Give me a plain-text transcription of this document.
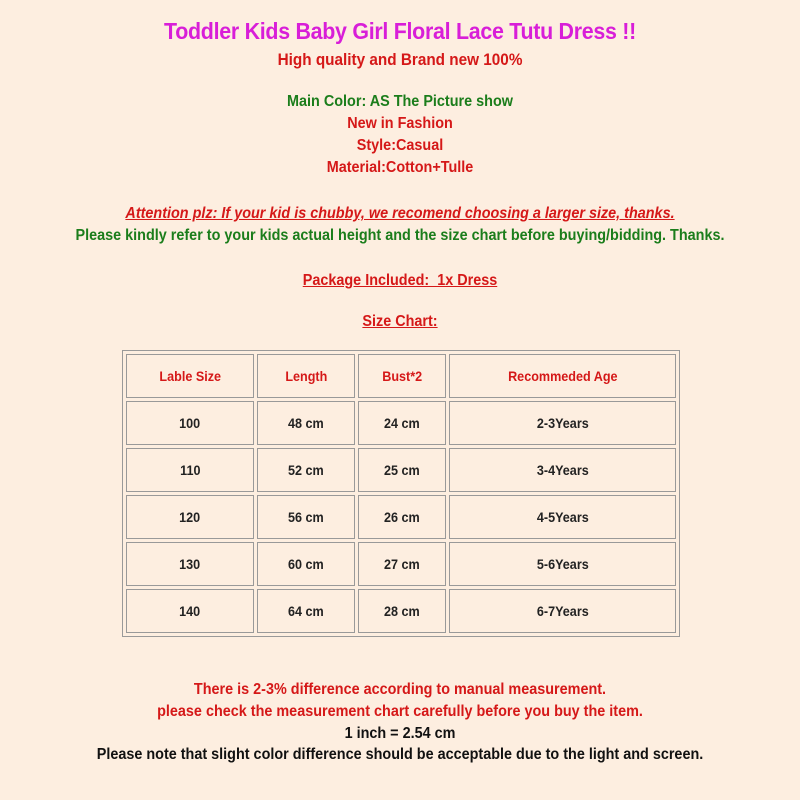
Toddler Kids Baby Girl Floral Lace Tutu Dress !!
High quality and Brand new 100%
Main Color: AS The Picture show
New in Fashion
Style:Casual
Material:Cotton+Tulle
Attention plz: If your kid is chubby, we recomend choosing a larger size, thanks.
Please kindly refer to your kids actual height and the size chart before buying/bidding. Thanks.
Package Included:  1x Dress
Size Chart:
Lable Size	Length	Bust*2	Recommeded Age
100	48 cm	24 cm	2-3Years
110	52 cm	25 cm	3-4Years
120	56 cm	26 cm	4-5Years
130	60 cm	27 cm	5-6Years
140	64 cm	28 cm	6-7Years
There is 2-3% difference according to manual measurement.
please check the measurement chart carefully before you buy the item.
1 inch = 2.54 cm
Please note that slight color difference should be acceptable due to the light and screen.
